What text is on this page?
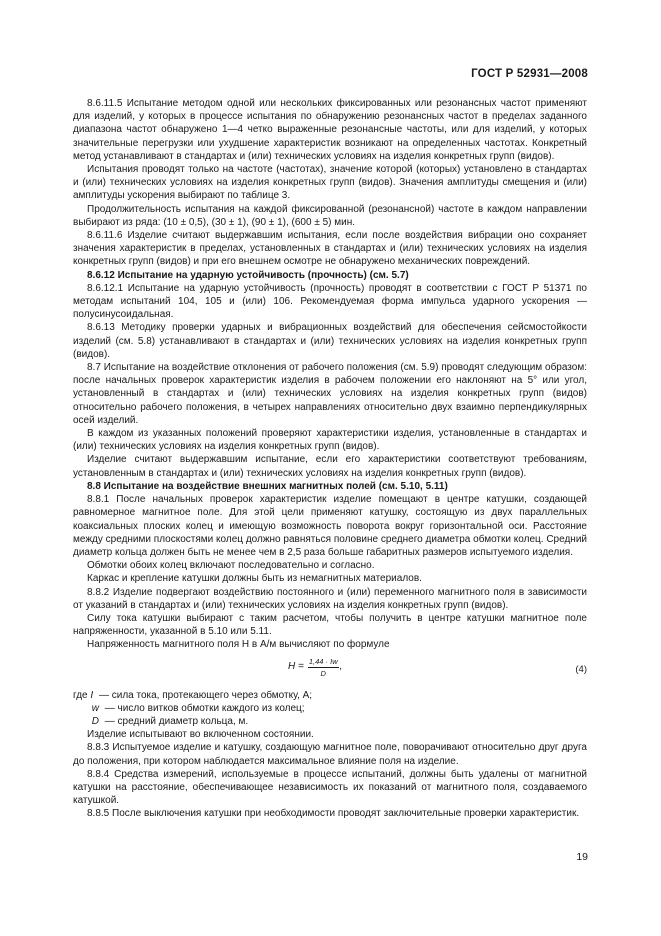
ГОСТ Р 52931—2008

8.6.11.5 Испытание методом одной или нескольких фиксированных или резонансных частот применяют для изделий, у которых в процессе испытания по обнаружению резонансных частот в пределах заданного диапазона частот обнаружено 1—4 четко выраженные резонансные частоты, или для изделий, у которых значительные перегрузки или ухудшение характеристик возникают на определенных частотах. Конкретный метод устанавливают в стандартах и (или) технических условиях на изделия конкретных групп (видов).

Испытания проводят только на частоте (частотах), значение которой (которых) установлено в стандартах и (или) технических условиях на изделия конкретных групп (видов). Значения амплитуды смещения и (или) амплитуды ускорения выбирают по таблице 3.

Продолжительность испытания на каждой фиксированной (резонансной) частоте в каждом направлении выбирают из ряда: (10 ± 0,5), (30 ± 1), (90 ± 1), (600 ± 5) мин.

8.6.11.6 Изделие считают выдержавшим испытания, если после воздействия вибрации оно сохраняет значения характеристик в пределах, установленных в стандартах и (или) технических условиях на изделия конкретных групп (видов) и при его внешнем осмотре не обнаружено механических повреждений.

8.6.12 Испытание на ударную устойчивость (прочность) (см. 5.7)

8.6.12.1 Испытание на ударную устойчивость (прочность) проводят в соответствии с ГОСТ Р 51371 по методам испытаний 104, 105 и (или) 106. Рекомендуемая форма импульса ударного ускорения — полусинусоидальная.

8.6.13 Методику проверки ударных и вибрационных воздействий для обеспечения сейсмостойкости изделий (см. 5.8) устанавливают в стандартах и (или) технических условиях на изделия конкретных групп (видов).

8.7 Испытание на воздействие отклонения от рабочего положения (см. 5.9) проводят следующим образом: после начальных проверок характеристик изделия в рабочем положении его наклоняют на 5° или угол, установленный в стандартах и (или) технических условиях на изделия конкретных групп (видов) относительно рабочего положения, в четырех направлениях относительно двух взаимно перпендикулярных осей изделий.

В каждом из указанных положений проверяют характеристики изделия, установленные в стандартах и (или) технических условиях на изделия конкретных групп (видов).

Изделие считают выдержавшим испытание, если его характеристики соответствуют требованиям, установленным в стандартах и (или) технических условиях на изделия конкретных групп (видов).

8.8 Испытание на воздействие внешних магнитных полей (см. 5.10, 5.11)

8.8.1 После начальных проверок характеристик изделие помещают в центре катушки, создающей равномерное магнитное поле. Для этой цели применяют катушку, состоящую из двух параллельных коаксиальных плоских колец и имеющую возможность поворота вокруг горизонтальной оси. Расстояние между средними плоскостями колец должно равняться половине среднего диаметра обмотки колец. Средний диаметр кольца должен быть не менее чем в 2,5 раза больше габаритных размеров испытуемого изделия.

Обмотки обоих колец включают последовательно и согласно.

Каркас и крепление катушки должны быть из немагнитных материалов.

8.8.2 Изделие подвергают воздействию постоянного и (или) переменного магнитного поля в зависимости от указаний в стандартах и (или) технических условиях на изделия конкретных групп (видов).

Силу тока катушки выбирают с таким расчетом, чтобы получить в центре катушки магнитное поле напряженности, указанной в 5.10 или 5.11.

Напряженность магнитного поля H в А/м вычисляют по формуле

$H = \frac{1,44 \cdot Iw}{D}$ ,	(4)
где
I
— сила тока, протекающего через обмотку, А;
w
— число витков обмотки каждого из колец;
D
— средний диаметр кольца, м.

Изделие испытывают во включенном состоянии.

8.8.3 Испытуемое изделие и катушку, создающую магнитное поле, поворачивают относительно друг друга до положения, при котором наблюдается максимальное влияние поля на изделие.

8.8.4 Средства измерений, используемые в процессе испытаний, должны быть удалены от магнитной катушки на расстояние, обеспечивающее независимость их показаний от магнитного поля, создаваемого катушкой.

8.8.5 После выключения катушки при необходимости проводят заключительные проверки характеристик.

19
